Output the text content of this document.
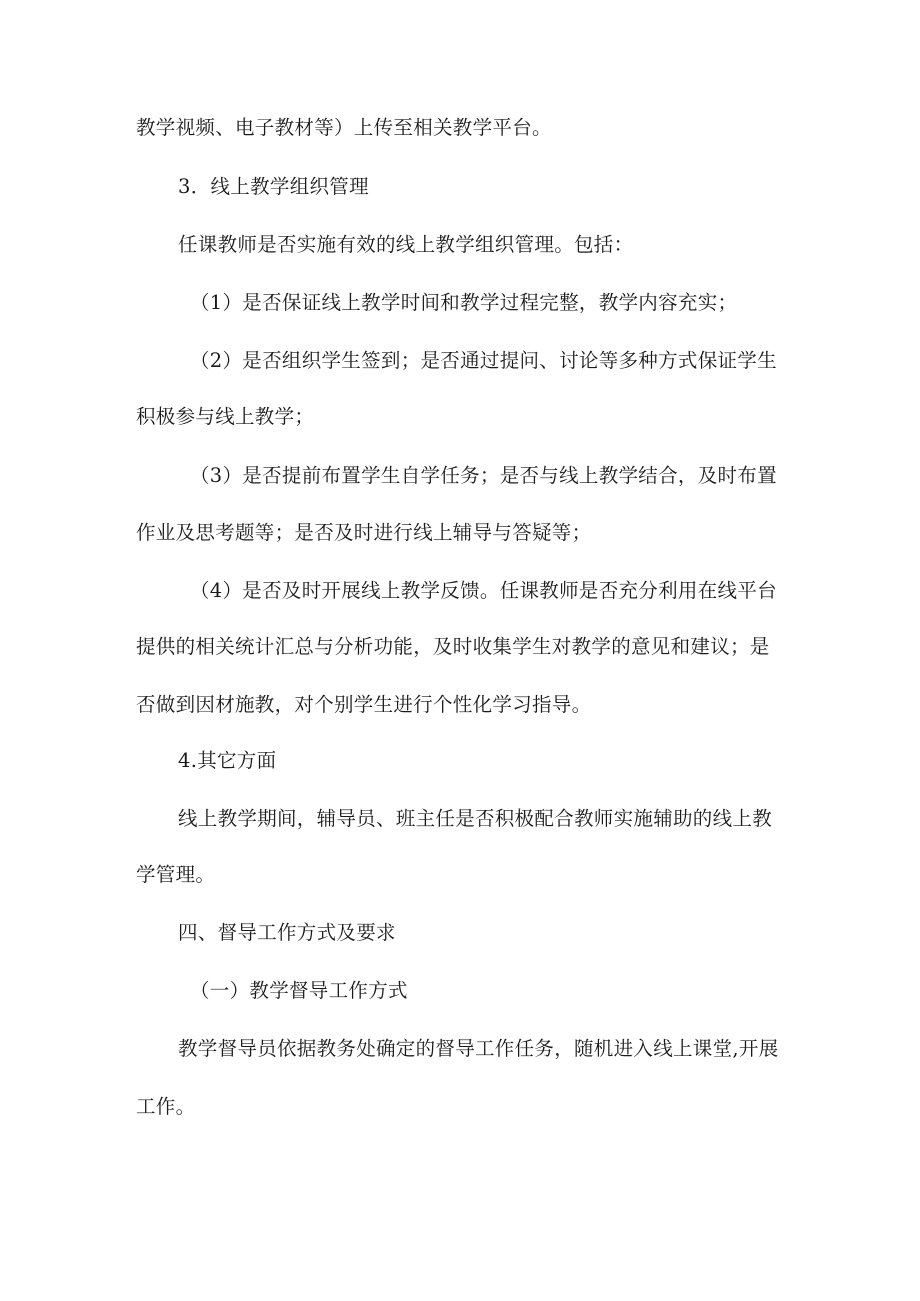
教学视频、电子教材等）上传至相关教学平台。
3．线上教学组织管理
任课教师是否实施有效的线上教学组织管理。包括：
（1）是否保证线上教学时间和教学过程完整，教学内容充实；
（2）是否组织学生签到；是否通过提问、讨论等多种方式保证学生
积极参与线上教学；
（3）是否提前布置学生自学任务；是否与线上教学结合，及时布置
作业及思考题等；是否及时进行线上辅导与答疑等；
（4）是否及时开展线上教学反馈。任课教师是否充分利用在线平台
提供的相关统计汇总与分析功能，及时收集学生对教学的意见和建议；是
否做到因材施教，对个别学生进行个性化学习指导。
4.其它方面
线上教学期间，辅导员、班主任是否积极配合教师实施辅助的线上教
学管理。
四、督导工作方式及要求
（一）教学督导工作方式
教学督导员依据教务处确定的督导工作任务，随机进入线上课堂,开展
工作。
